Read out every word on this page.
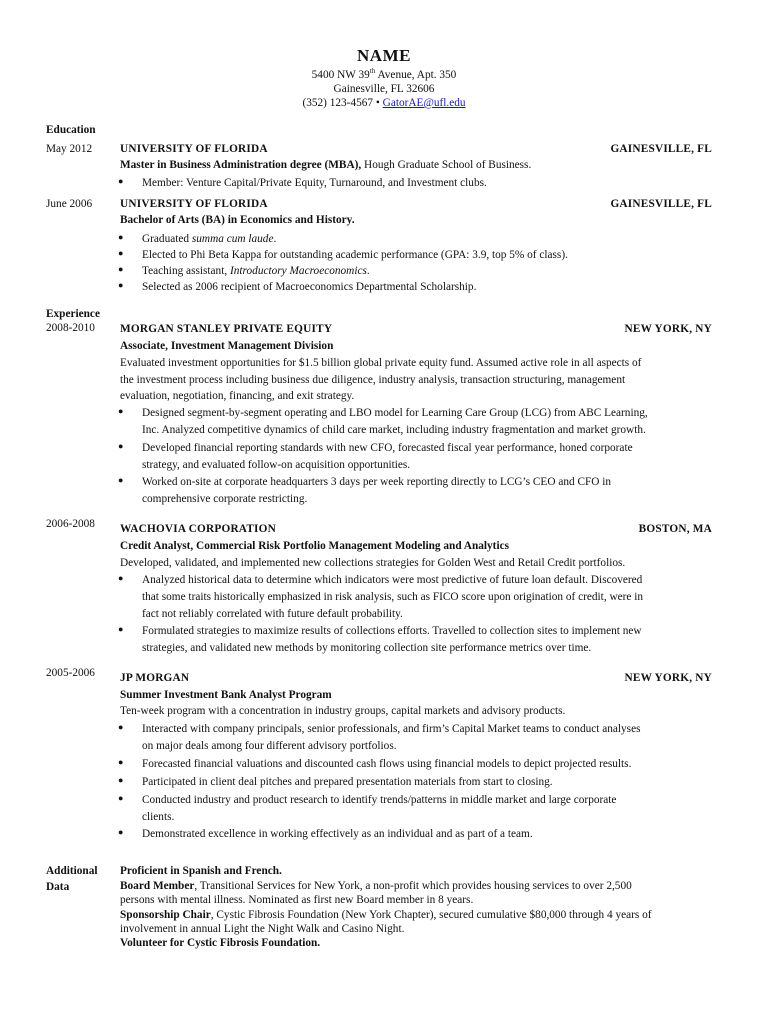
NAME
5400 NW 39th Avenue, Apt. 350
Gainesville, FL 32606
(352) 123-4567 • GatorAE@ufl.edu
Education
May 2012 UNIVERSITY OF FLORIDA	GAINESVILLE, FL
Master in Business Administration degree (MBA), Hough Graduate School of Business.
● Member: Venture Capital/Private Equity, Turnaround, and Investment clubs.
June 2006 UNIVERSITY OF FLORIDA	GAINESVILLE, FL
Bachelor of Arts (BA) in Economics and History.
● Graduated summa cum laude.
● Elected to Phi Beta Kappa for outstanding academic performance (GPA: 3.9, top 5% of class).
● Teaching assistant, Introductory Macroeconomics.
● Selected as 2006 recipient of Macroeconomics Departmental Scholarship.
Experience
2008-2010 MORGAN STANLEY PRIVATE EQUITY	NEW YORK, NY
Associate, Investment Management Division
Evaluated investment opportunities for $1.5 billion global private equity fund. Assumed active role in all aspects of
the investment process including business due diligence, industry analysis, transaction structuring, management
evaluation, negotiation, financing, and exit strategy.
● Designed segment-by-segment operating and LBO model for Learning Care Group (LCG) from ABC Learning,
Inc. Analyzed competitive dynamics of child care market, including industry fragmentation and market growth.
● Developed financial reporting standards with new CFO, forecasted fiscal year performance, honed corporate
strategy, and evaluated follow-on acquisition opportunities.
● Worked on-site at corporate headquarters 3 days per week reporting directly to LCG’s CEO and CFO in
comprehensive corporate restricting.
2006-2008 WACHOVIA CORPORATION	BOSTON, MA
Credit Analyst, Commercial Risk Portfolio Management Modeling and Analytics
Developed, validated, and implemented new collections strategies for Golden West and Retail Credit portfolios.
● Analyzed historical data to determine which indicators were most predictive of future loan default. Discovered
that some traits historically emphasized in risk analysis, such as FICO score upon origination of credit, were in
fact not reliably correlated with future default probability.
● Formulated strategies to maximize results of collections efforts. Travelled to collection sites to implement new
strategies, and validated new methods by monitoring collection site performance metrics over time.
2005-2006 JP MORGAN	NEW YORK, NY
Summer Investment Bank Analyst Program
Ten-week program with a concentration in industry groups, capital markets and advisory products.
● Interacted with company principals, senior professionals, and firm’s Capital Market teams to conduct analyses
on major deals among four different advisory portfolios.
● Forecasted financial valuations and discounted cash flows using financial models to depict projected results.
● Participated in client deal pitches and prepared presentation materials from start to closing.
● Conducted industry and product research to identify trends/patterns in middle market and large corporate
clients.
● Demonstrated excellence in working effectively as an individual and as part of a team.
Additional
Data
Proficient in Spanish and French.
Board Member, Transitional Services for New York, a non-profit which provides housing services to over 2,500
persons with mental illness. Nominated as first new Board member in 8 years.
Sponsorship Chair, Cystic Fibrosis Foundation (New York Chapter), secured cumulative $80,000 through 4 years of
involvement in annual Light the Night Walk and Casino Night.
Volunteer for Cystic Fibrosis Foundation.
